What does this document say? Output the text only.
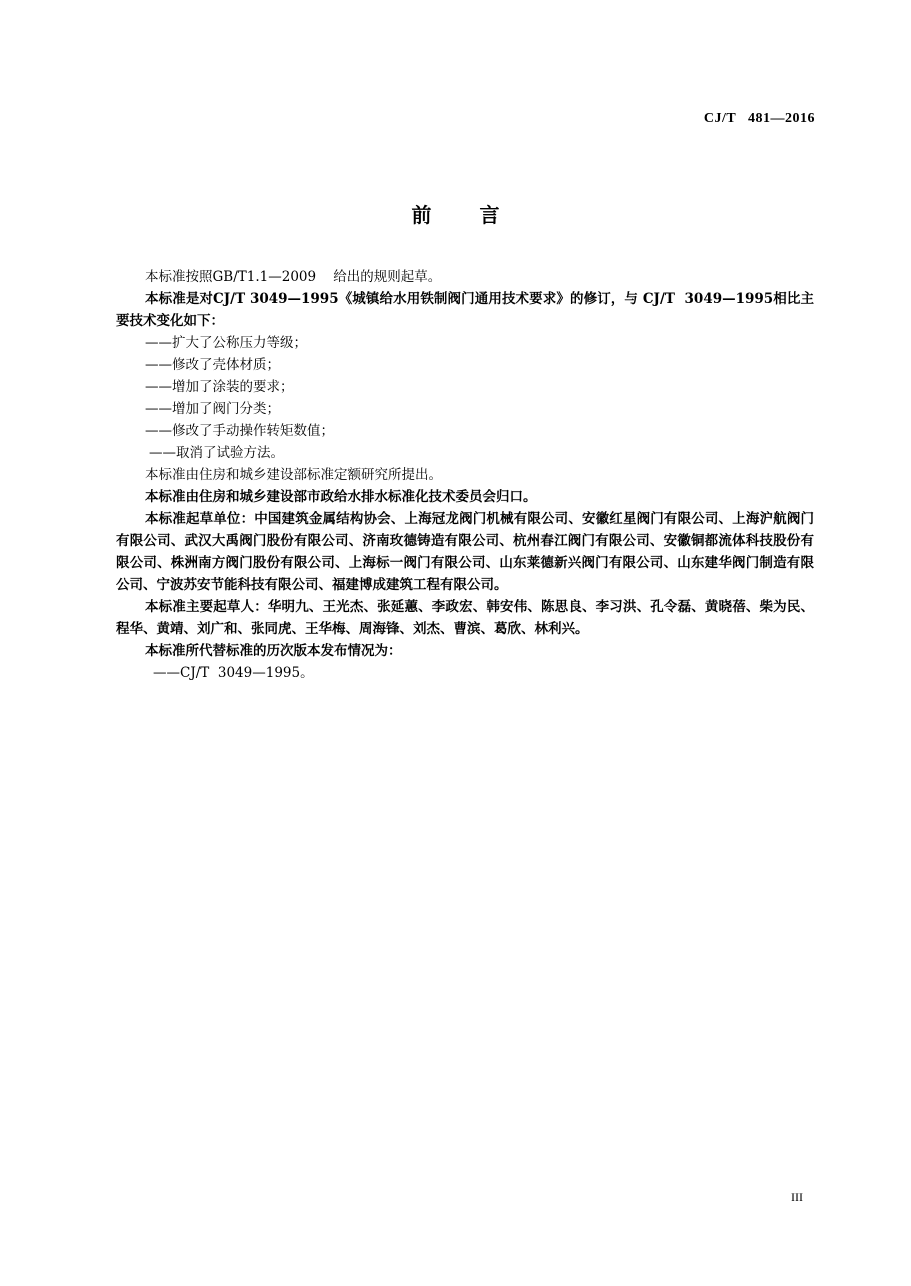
CJ/T   481—2016
前言

本标准按照GB/T1.1—2009    给出的规则起草。

本标准是对CJ/T 3049—1995《城镇给水用铁制阀门通用技术要求》的修订，与 CJ/T  3049—1995相比主要技术变化如下：

——扩大了公称压力等级；

——修改了壳体材质；

——增加了涂装的要求；

——增加了阀门分类；

——修改了手动操作转矩数值；

——取消了试验方法。

本标准由住房和城乡建设部标准定额研究所提出。

本标准由住房和城乡建设部市政给水排水标准化技术委员会归口。

本标准起草单位：中国建筑金属结构协会、上海冠龙阀门机械有限公司、安徽红星阀门有限公司、上海沪航阀门有限公司、武汉大禹阀门股份有限公司、济南玫德铸造有限公司、杭州春江阀门有限公司、安徽铜都流体科技股份有限公司、株洲南方阀门股份有限公司、上海标一阀门有限公司、山东莱德新兴阀门有限公司、山东建华阀门制造有限公司、宁波苏安节能科技有限公司、福建博成建筑工程有限公司。

本标准主要起草人：华明九、王光杰、张延蕙、李政宏、韩安伟、陈思良、李习洪、孔令磊、黄晓蓓、柴为民、程华、黄靖、刘广和、张同虎、王华梅、周海锋、刘杰、曹滨、葛欣、林利兴。

本标准所代替标准的历次版本发布情况为：

——CJ/T  3049—1995。

III
